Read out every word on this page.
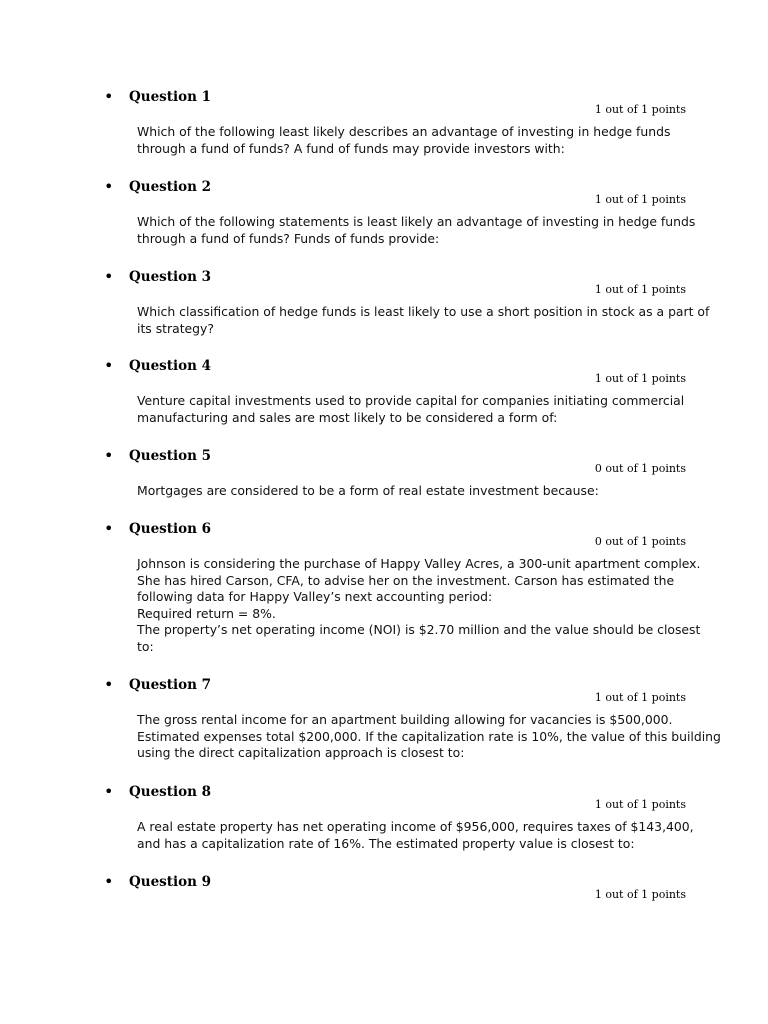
• Question 1
1 out of 1 points
Which of the following least likely describes an advantage of investing in hedge funds
through a fund of funds? A fund of funds may provide investors with:
• Question 2
1 out of 1 points
Which of the following statements is least likely an advantage of investing in hedge funds
through a fund of funds? Funds of funds provide:
• Question 3
1 out of 1 points
Which classification of hedge funds is least likely to use a short position in stock as a part of
its strategy?
• Question 4
1 out of 1 points
Venture capital investments used to provide capital for companies initiating commercial
manufacturing and sales are most likely to be considered a form of:
• Question 5
0 out of 1 points
Mortgages are considered to be a form of real estate investment because:
• Question 6
0 out of 1 points
Johnson is considering the purchase of Happy Valley Acres, a 300-unit apartment complex.
She has hired Carson, CFA, to advise her on the investment. Carson has estimated the
following data for Happy Valley’s next accounting period:
Required return = 8%.
The property’s net operating income (NOI) is $2.70 million and the value should be closest
to:
• Question 7
1 out of 1 points
The gross rental income for an apartment building allowing for vacancies is $500,000.
Estimated expenses total $200,000. If the capitalization rate is 10%, the value of this building
using the direct capitalization approach is closest to:
• Question 8
1 out of 1 points
A real estate property has net operating income of $956,000, requires taxes of $143,400,
and has a capitalization rate of 16%. The estimated property value is closest to:
• Question 9
1 out of 1 points
